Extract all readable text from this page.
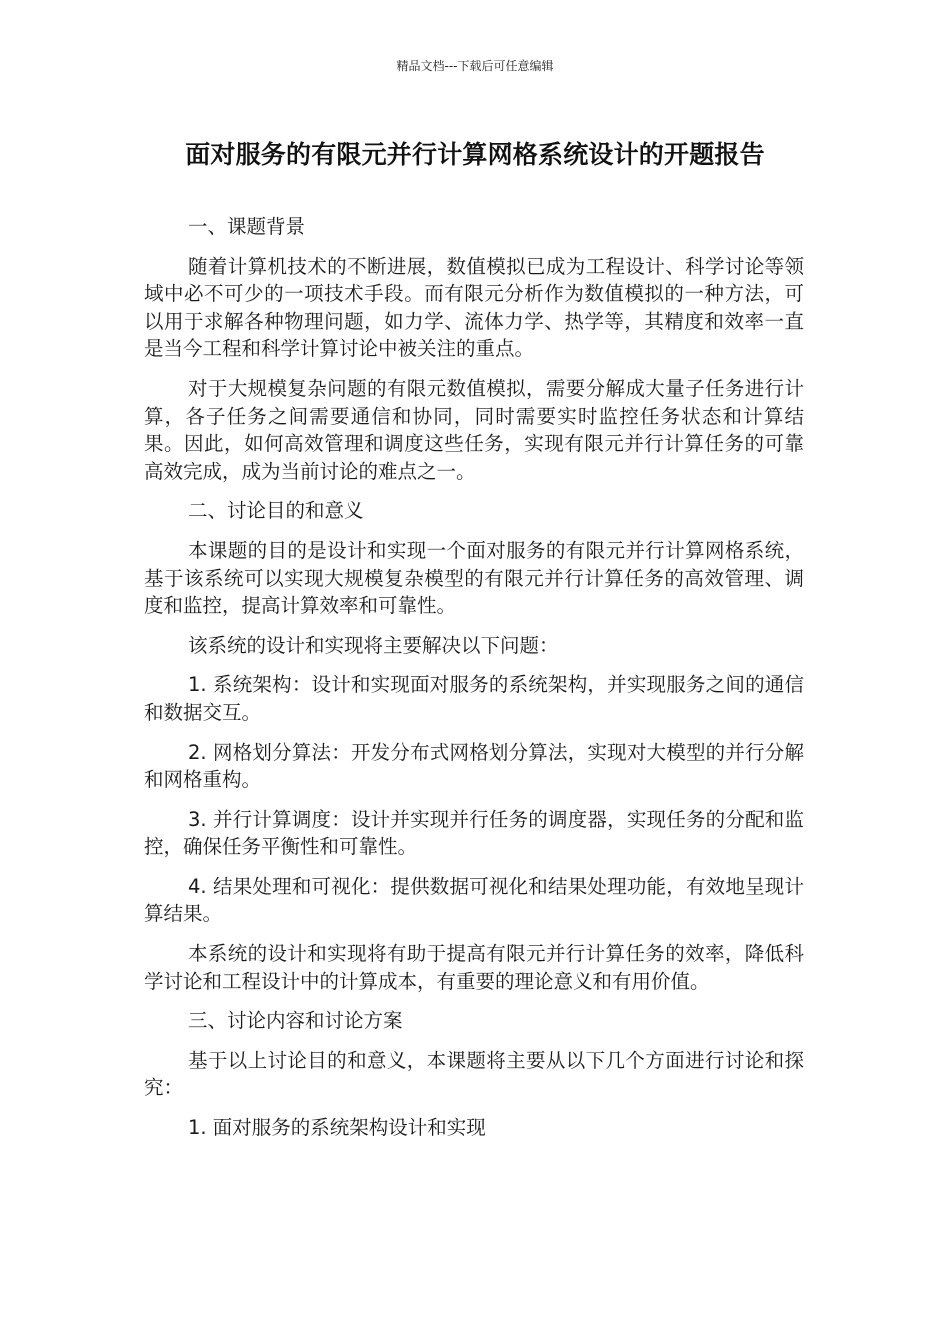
精品文档---下载后可任意编辑
面对服务的有限元并行计算网格系统设计的开题报告

一、课题背景

随着计算机技术的不断进展，数值模拟已成为工程设计、科学讨论等领域中必不可少的一项技术手段。而有限元分析作为数值模拟的一种方法，可以用于求解各种物理问题，如力学、流体力学、热学等，其精度和效率一直是当今工程和科学计算讨论中被关注的重点。

对于大规模复杂问题的有限元数值模拟，需要分解成大量子任务进行计算，各子任务之间需要通信和协同，同时需要实时监控任务状态和计算结果。因此，如何高效管理和调度这些任务，实现有限元并行计算任务的可靠高效完成，成为当前讨论的难点之一。

二、讨论目的和意义

本课题的目的是设计和实现一个面对服务的有限元并行计算网格系统，基于该系统可以实现大规模复杂模型的有限元并行计算任务的高效管理、调度和监控，提高计算效率和可靠性。

该系统的设计和实现将主要解决以下问题：

1. 系统架构：设计和实现面对服务的系统架构，并实现服务之间的通信和数据交互。

2. 网格划分算法：开发分布式网格划分算法，实现对大模型的并行分解和网格重构。

3. 并行计算调度：设计并实现并行任务的调度器，实现任务的分配和监控，确保任务平衡性和可靠性。

4. 结果处理和可视化：提供数据可视化和结果处理功能，有效地呈现计算结果。

本系统的设计和实现将有助于提高有限元并行计算任务的效率，降低科学讨论和工程设计中的计算成本，有重要的理论意义和有用价值。

三、讨论内容和讨论方案

基于以上讨论目的和意义，本课题将主要从以下几个方面进行讨论和探究：

1. 面对服务的系统架构设计和实现
